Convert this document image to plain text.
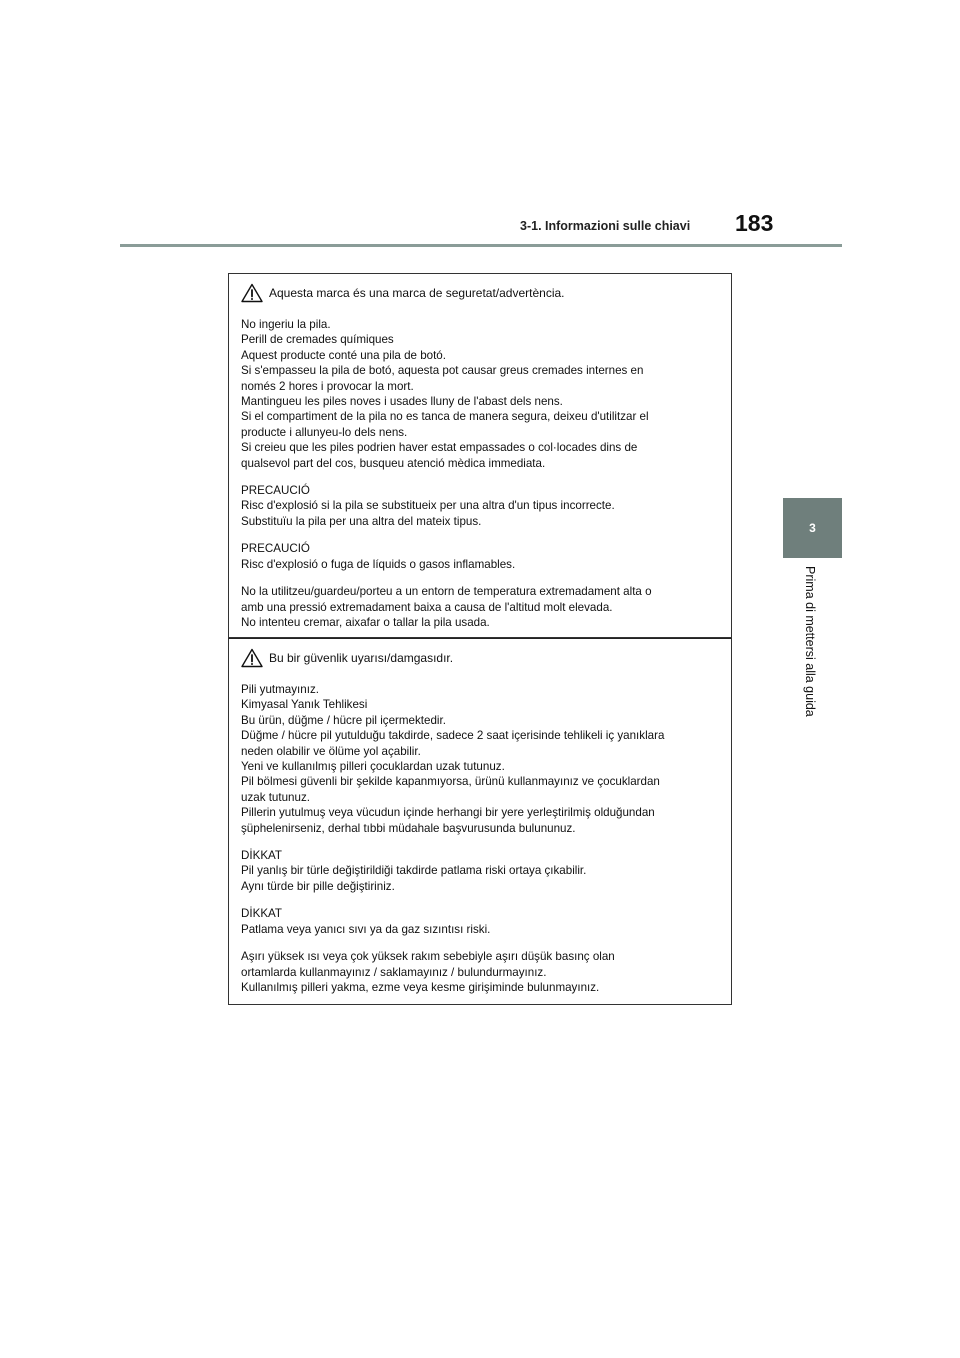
3-1. Informazioni sulle chiavi 183
3
Prima di mettersi alla guida
Aquesta marca és una marca de seguretat/advertència.

No ingeriu la pila.
Perill de cremades químiques
Aquest producte conté una pila de botó.
Si s'empasseu la pila de botó, aquesta pot causar greus cremades internes en
només 2 hores i provocar la mort.
Mantingueu les piles noves i usades lluny de l'abast dels nens.
Si el compartiment de la pila no es tanca de manera segura, deixeu d'utilitzar el
producte i allunyeu-lo dels nens.
Si creieu que les piles podrien haver estat empassades o col·locades dins de
qualsevol part del cos, busqueu atenció mèdica immediata.

PRECAUCIÓ
Risc d'explosió si la pila se substitueix per una altra d'un tipus incorrecte.
Substituïu la pila per una altra del mateix tipus.

PRECAUCIÓ
Risc d'explosió o fuga de líquids o gasos inflamables.

No la utilitzeu/guardeu/porteu a un entorn de temperatura extremadament alta o
amb una pressió extremadament baixa a causa de l'altitud molt elevada.
No intenteu cremar, aixafar o tallar la pila usada.

Bu bir güvenlik uyarısı/damgasıdır.

Pili yutmayınız.
Kimyasal Yanık Tehlikesi
Bu ürün, düğme / hücre pil içermektedir.
Düğme / hücre pil yutulduğu takdirde, sadece 2 saat içerisinde tehlikeli iç yanıklara
neden olabilir ve ölüme yol açabilir.
Yeni ve kullanılmış pilleri çocuklardan uzak tutunuz.
Pil bölmesi güvenli bir şekilde kapanmıyorsa, ürünü kullanmayınız ve çocuklardan
uzak tutunuz.
Pillerin yutulmuş veya vücudun içinde herhangi bir yere yerleştirilmiş olduğundan
şüphelenirseniz, derhal tıbbi müdahale başvurusunda bulununuz.

DİKKAT
Pil yanlış bir türle değiştirildiği takdirde patlama riski ortaya çıkabilir.
Aynı türde bir pille değiştiriniz.

DİKKAT
Patlama veya yanıcı sıvı ya da gaz sızıntısı riski.

Aşırı yüksek ısı veya çok yüksek rakım sebebiyle aşırı düşük basınç olan
ortamlarda kullanmayınız / saklamayınız / bulundurmayınız.
Kullanılmış pilleri yakma, ezme veya kesme girişiminde bulunmayınız.
